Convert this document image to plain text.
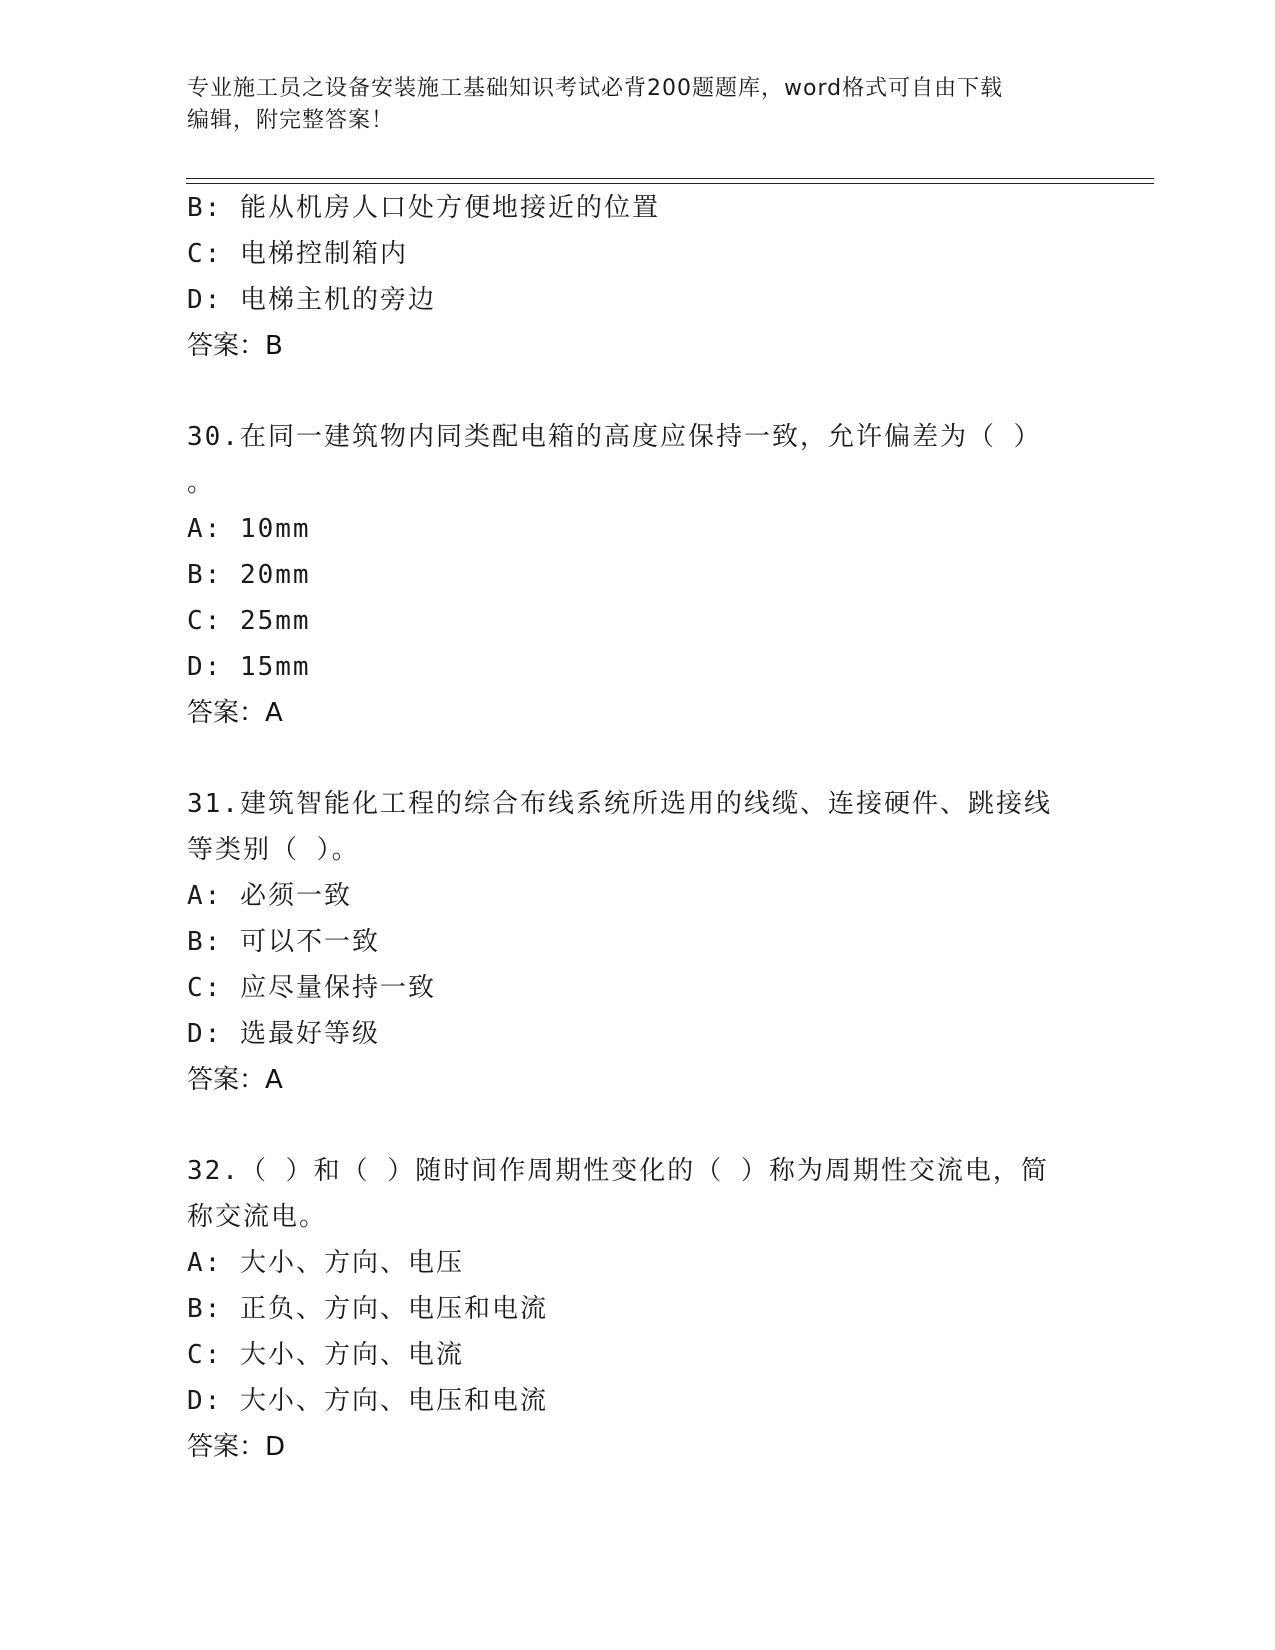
专业施工员之设备安装施工基础知识考试必背200题题库，word格式可自由下载
编辑，附完整答案！
B: 能从机房人口处方便地接近的位置
C: 电梯控制箱内
D: 电梯主机的旁边
答案：B
30.在同一建筑物内同类配电箱的高度应保持一致，允许偏差为（ ）
。
A: 10mm
B: 20mm
C: 25mm
D: 15mm
答案：A
31.建筑智能化工程的综合布线系统所选用的线缆、连接硬件、跳接线
等类别（ ）。
A: 必须一致
B: 可以不一致
C: 应尽量保持一致
D: 选最好等级
答案：A
32.（ ）和（ ）随时间作周期性变化的（ ）称为周期性交流电，简
称交流电。
A: 大小、方向、电压
B: 正负、方向、电压和电流
C: 大小、方向、电流
D: 大小、方向、电压和电流
答案：D
